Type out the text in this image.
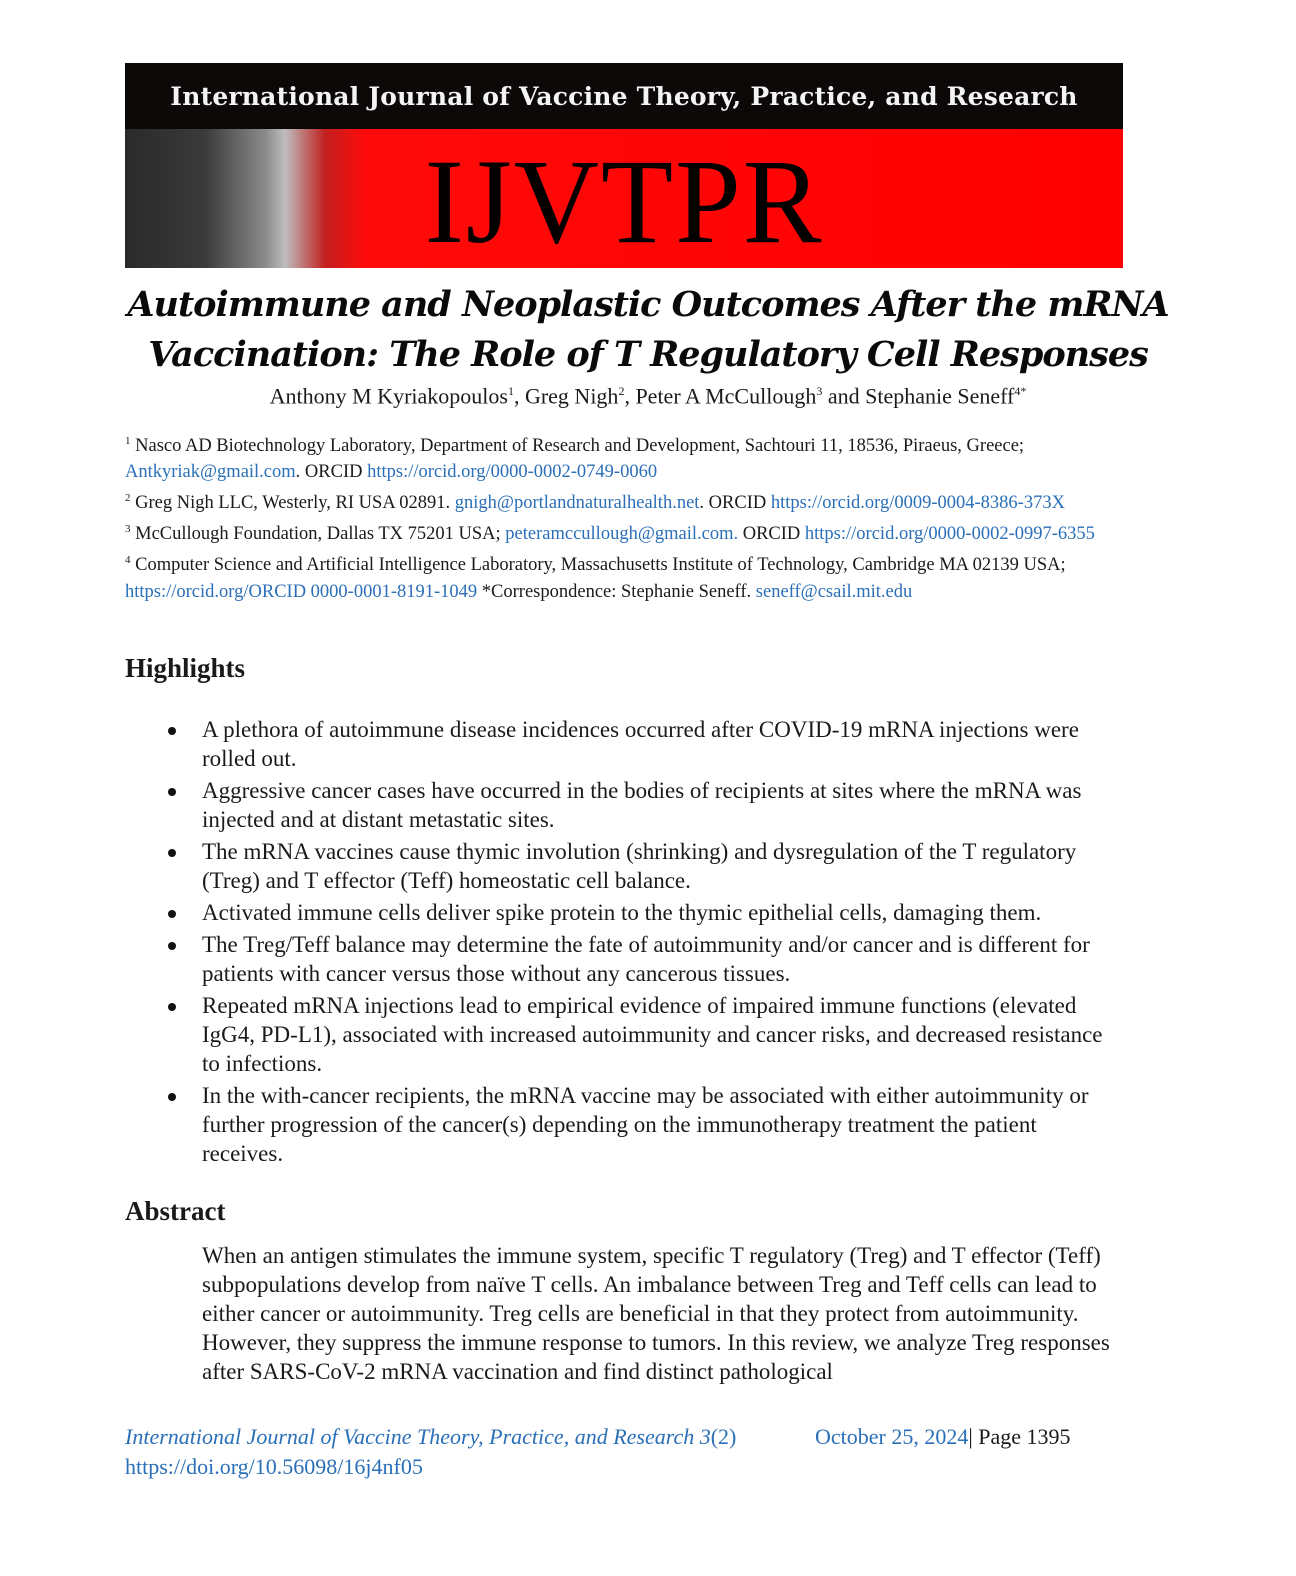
International Journal of Vaccine Theory, Practice, and Research
IJVTPR
Autoimmune and Neoplastic Outcomes After the mRNA
Vaccination: The Role of T Regulatory Cell Responses
Anthony M Kyriakopoulos$^1$, Greg Nigh$^2$, Peter A McCullough$^3$ and Stephanie Seneff$^{4*}$

$^1$ Nasco AD Biotechnology Laboratory, Department of Research and Development, Sachtouri 11, 18536, Piraeus, Greece; Antkyriak@gmail.com. ORCID https://orcid.org/0000-0002-0749-0060

$^2$ Greg Nigh LLC, Westerly, RI USA 02891. gnigh@portlandnaturalhealth.net. ORCID https://orcid.org/0009-0004-8386-373X

$^3$ McCullough Foundation, Dallas TX 75201 USA; peteramccullough@gmail.com. ORCID https://orcid.org/0000-0002-0997-6355

$^4$ Computer Science and Artificial Intelligence Laboratory, Massachusetts Institute of Technology, Cambridge MA 02139 USA; https://orcid.org/ORCID 0000-0001-8191-1049 *Correspondence: Stephanie Seneff. seneff@csail.mit.edu

Highlights
A plethora of autoimmune disease incidences occurred after COVID-19 mRNA injections were rolled out.
Aggressive cancer cases have occurred in the bodies of recipients at sites where the mRNA was injected and at distant metastatic sites.
The mRNA vaccines cause thymic involution (shrinking) and dysregulation of the T regulatory (Treg) and T effector (Teff) homeostatic cell balance.
Activated immune cells deliver spike protein to the thymic epithelial cells, damaging them.
The Treg/Teff balance may determine the fate of autoimmunity and/or cancer and is different for patients with cancer versus those without any cancerous tissues.
Repeated mRNA injections lead to empirical evidence of impaired immune functions (elevated IgG4, PD-L1), associated with increased autoimmunity and cancer risks, and decreased resistance to infections.
In the with-cancer recipients, the mRNA vaccine may be associated with either autoimmunity or further progression of the cancer(s) depending on the immunotherapy treatment the patient receives.
Abstract

When an antigen stimulates the immune system, specific T regulatory (Treg) and T effector (Teff) subpopulations develop from naïve T cells. An imbalance between Treg and Teff cells can lead to either cancer or autoimmunity. Treg cells are beneficial in that they protect from autoimmunity. However, they suppress the immune response to tumors. In this review, we analyze Treg responses after SARS-CoV-2 mRNA vaccination and find distinct pathological

International Journal of Vaccine Theory, Practice, and Research 3(2)
https://doi.org/10.56098/16j4nf05
October 25, 2024| Page 1395
